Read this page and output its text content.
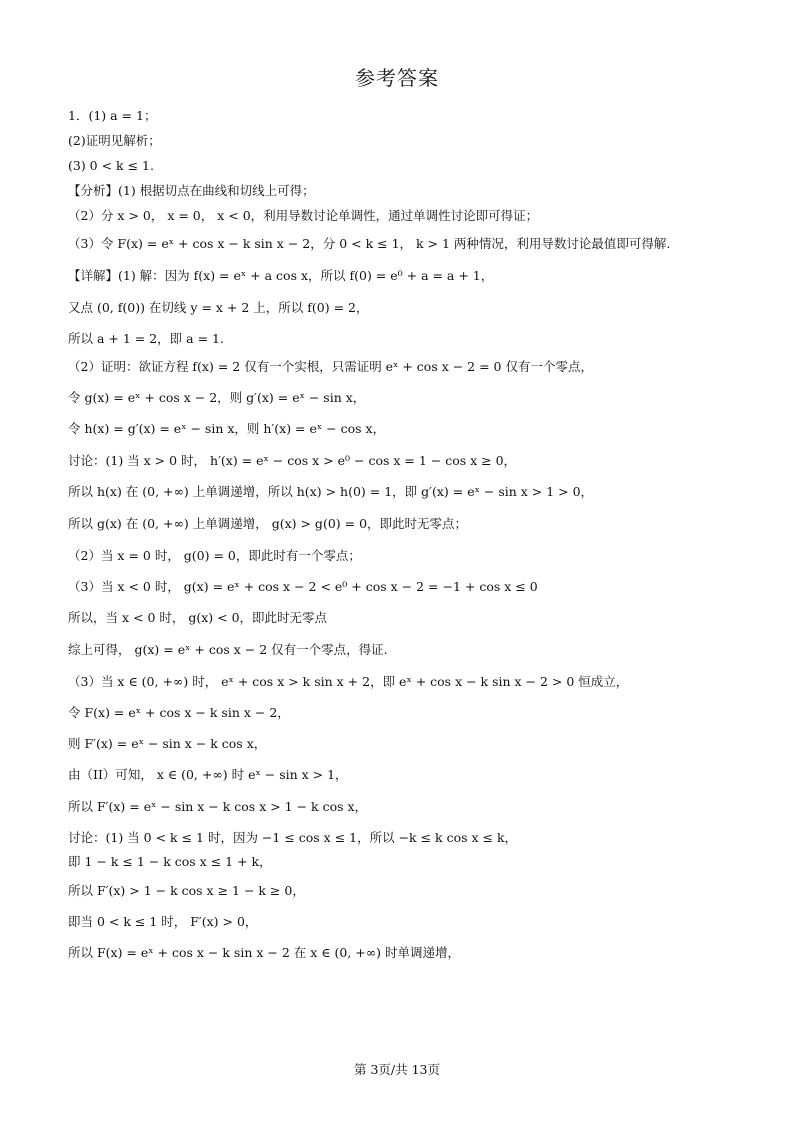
参考答案
1．(1) a = 1；
(2)证明见解析；
(3) 0 < k ≤ 1.
【分析】(1) 根据切点在曲线和切线上可得；
（2）分 x > 0， x = 0， x < 0，利用导数讨论单调性，通过单调性讨论即可得证；
（3）令 F(x) = eˣ + cos x − k sin x − 2，分 0 < k ≤ 1， k > 1 两种情况，利用导数讨论最值即可得解.
【详解】(1) 解：因为 f(x) = eˣ + a cos x，所以 f(0) = e⁰ + a = a + 1，
又点 (0, f(0)) 在切线 y = x + 2 上，所以 f(0) = 2，
所以 a + 1 = 2，即 a = 1.
（2）证明：欲证方程 f(x) = 2 仅有一个实根，只需证明 eˣ + cos x − 2 = 0 仅有一个零点，
令 g(x) = eˣ + cos x − 2，则 g′(x) = eˣ − sin x，
令 h(x) = g′(x) = eˣ − sin x，则 h′(x) = eˣ − cos x，
讨论：(1) 当 x > 0 时， h′(x) = eˣ − cos x > e⁰ − cos x = 1 − cos x ≥ 0，
所以 h(x) 在 (0, +∞) 上单调递增，所以 h(x) > h(0) = 1，即 g′(x) = eˣ − sin x > 1 > 0，
所以 g(x) 在 (0, +∞) 上单调递增， g(x) > g(0) = 0，即此时无零点；
（2）当 x = 0 时， g(0) = 0，即此时有一个零点；
（3）当 x < 0 时， g(x) = eˣ + cos x − 2 < e⁰ + cos x − 2 = −1 + cos x ≤ 0
所以，当 x < 0 时， g(x) < 0，即此时无零点
综上可得， g(x) = eˣ + cos x − 2 仅有一个零点，得证.
（3）当 x ∈ (0, +∞) 时， eˣ + cos x > k sin x + 2，即 eˣ + cos x − k sin x − 2 > 0 恒成立，
令 F(x) = eˣ + cos x − k sin x − 2，
则 F′(x) = eˣ − sin x − k cos x，
由（II）可知， x ∈ (0, +∞) 时 eˣ − sin x > 1，
所以 F′(x) = eˣ − sin x − k cos x > 1 − k cos x，
讨论：(1) 当 0 < k ≤ 1 时，因为 −1 ≤ cos x ≤ 1，所以 −k ≤ k cos x ≤ k，
即 1 − k ≤ 1 − k cos x ≤ 1 + k，
所以 F′(x) > 1 − k cos x ≥ 1 − k ≥ 0，
即当 0 < k ≤ 1 时， F′(x) > 0，
所以 F(x) = eˣ + cos x − k sin x − 2 在 x ∈ (0, +∞) 时单调递增，
第 3页/共 13页
